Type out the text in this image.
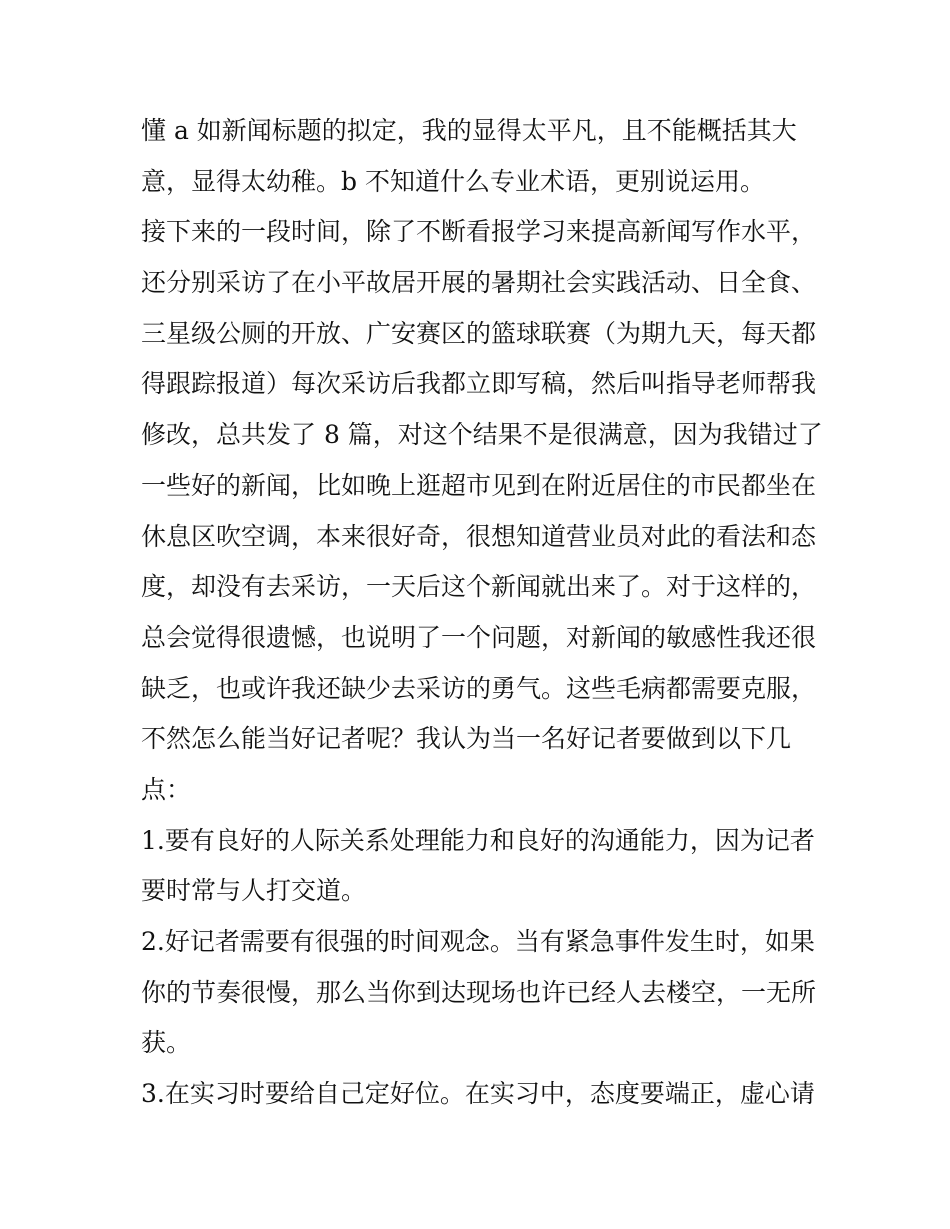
懂 a 如新闻标题的拟定，我的显得太平凡，且不能概括其大
意，显得太幼稚。b 不知道什么专业术语，更别说运用。
接下来的一段时间，除了不断看报学习来提高新闻写作水平，
还分别采访了在小平故居开展的暑期社会实践活动、日全食、
三星级公厕的开放、广安赛区的篮球联赛（为期九天，每天都
得跟踪报道）每次采访后我都立即写稿，然后叫指导老师帮我
修改，总共发了 8 篇，对这个结果不是很满意，因为我错过了
一些好的新闻，比如晚上逛超市见到在附近居住的市民都坐在
休息区吹空调，本来很好奇，很想知道营业员对此的看法和态
度，却没有去采访，一天后这个新闻就出来了。对于这样的，
总会觉得很遗憾，也说明了一个问题，对新闻的敏感性我还很
缺乏，也或许我还缺少去采访的勇气。这些毛病都需要克服，
不然怎么能当好记者呢？我认为当一名好记者要做到以下几
点：
1.要有良好的人际关系处理能力和良好的沟通能力，因为记者
要时常与人打交道。
2.好记者需要有很强的时间观念。当有紧急事件发生时，如果
你的节奏很慢，那么当你到达现场也许已经人去楼空，一无所
获。
3.在实习时要给自己定好位。在实习中，态度要端正，虚心请
